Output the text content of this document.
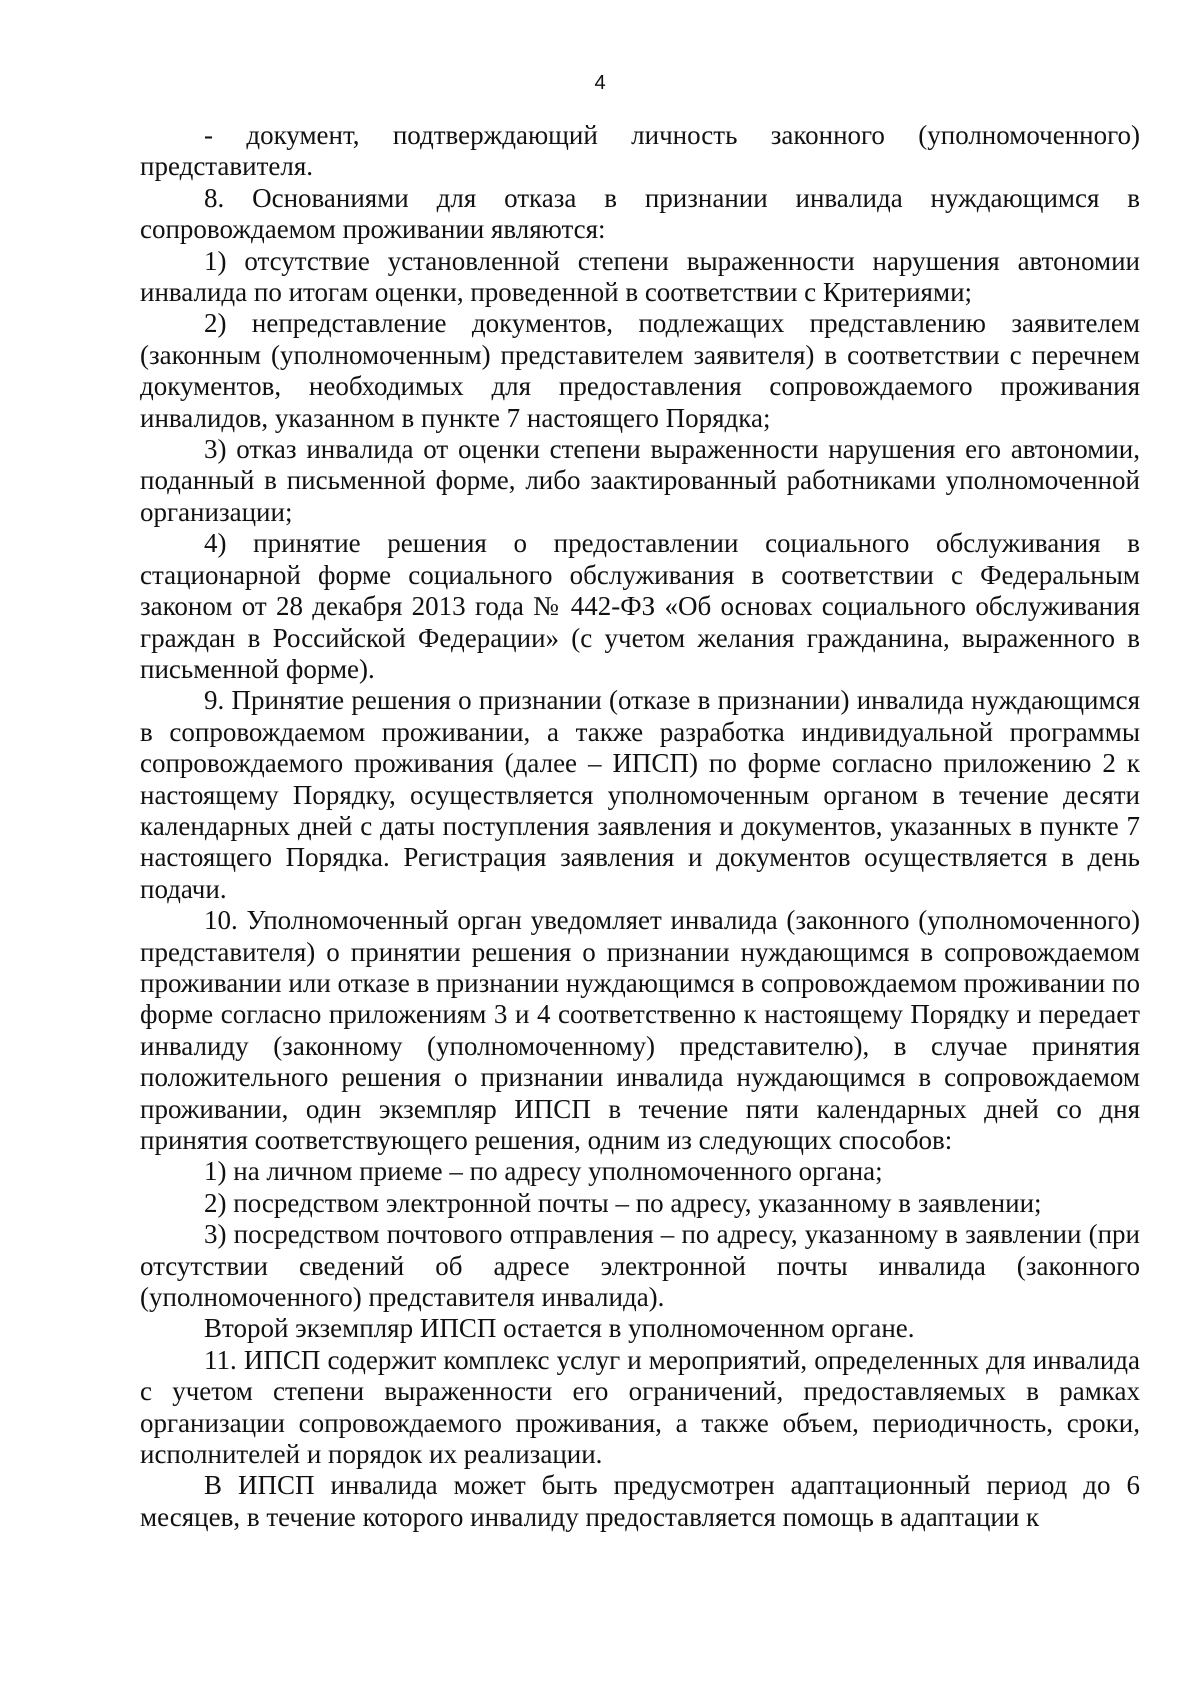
4

- документ, подтверждающий личность законного (уполномоченного) представителя.

8. Основаниями для отказа в признании инвалида нуждающимся в сопровождаемом проживании являются:

1) отсутствие установленной степени выраженности нарушения автономии инвалида по итогам оценки, проведенной в соответствии с Критериями;

2) непредставление документов, подлежащих представлению заявителем (законным (уполномоченным) представителем заявителя) в соответствии с перечнем документов, необходимых для предоставления сопровождаемого проживания инвалидов, указанном в пункте 7 настоящего Порядка;

3) отказ инвалида от оценки степени выраженности нарушения его автономии, поданный в письменной форме, либо заактированный работниками уполномоченной организации;

4) принятие решения о предоставлении социального обслуживания в стационарной форме социального обслуживания в соответствии с Федеральным законом от 28 декабря 2013 года № 442-ФЗ «Об основах социального обслуживания граждан в Российской Федерации» (с учетом желания гражданина, выраженного в письменной форме).

9. Принятие решения о признании (отказе в признании) инвалида нуждающимся в сопровождаемом проживании, а также разработка индивидуальной программы сопровождаемого проживания (далее – ИПСП) по форме согласно приложению 2 к настоящему Порядку, осуществляется уполномоченным органом в течение десяти календарных дней с даты поступления заявления и документов, указанных в пункте 7 настоящего Порядка. Регистрация заявления и документов осуществляется в день подачи.

10. Уполномоченный орган уведомляет инвалида (законного (уполномоченного) представителя) о принятии решения о признании нуждающимся в сопровождаемом проживании или отказе в признании нуждающимся в сопровождаемом проживании по форме согласно приложениям 3 и 4 соответственно к настоящему Порядку и передает инвалиду (законному (уполномоченному) представителю), в случае принятия положительного решения о признании инвалида нуждающимся в сопровождаемом проживании, один экземпляр ИПСП в течение пяти календарных дней со дня принятия соответствующего решения, одним из следующих способов:

1) на личном приеме – по адресу уполномоченного органа;

2) посредством электронной почты – по адресу, указанному в заявлении;

3) посредством почтового отправления – по адресу, указанному в заявлении (при отсутствии сведений об адресе электронной почты инвалида (законного (уполномоченного) представителя инвалида).

Второй экземпляр ИПСП остается в уполномоченном органе.

11. ИПСП содержит комплекс услуг и мероприятий, определенных для инвалида с учетом степени выраженности его ограничений, предоставляемых в рамках организации сопровождаемого проживания, а также объем, периодичность, сроки, исполнителей и порядок их реализации.

В ИПСП инвалида может быть предусмотрен адаптационный период до 6 месяцев, в течение которого инвалиду предоставляется помощь в адаптации к
